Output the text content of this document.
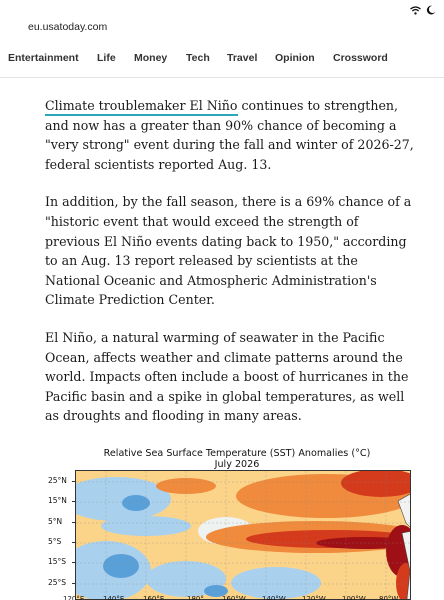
eu.usatoday.com
Entertainment Life Money Tech Travel Opinion Crossword

Climate troublemaker El Niño continues to strengthen, and now has a greater than 90% chance of becoming a "very strong" event during the fall and winter of 2026-27, federal scientists reported Aug. 13.

In addition, by the fall season, there is a 69% chance of a "historic event that would exceed the strength of previous El Niño events dating back to 1950," according to an Aug. 13 report released by scientists at the National Oceanic and Atmospheric Administration's Climate Prediction Center.

El Niño, a natural warming of seawater in the Pacific Ocean, affects weather and climate patterns around the world. Impacts often include a boost of hurricanes in the Pacific basin and a spike in global temperatures, as well as droughts and flooding in many areas.

Relative Sea Surface Temperature (SST) Anomalies (°C)
July 2026
25°N
15°N
5°N
5°S
15°S
25°S
120°E	140°E	160°E	180°	160°W 140°W 120°W 100°W 80°W
